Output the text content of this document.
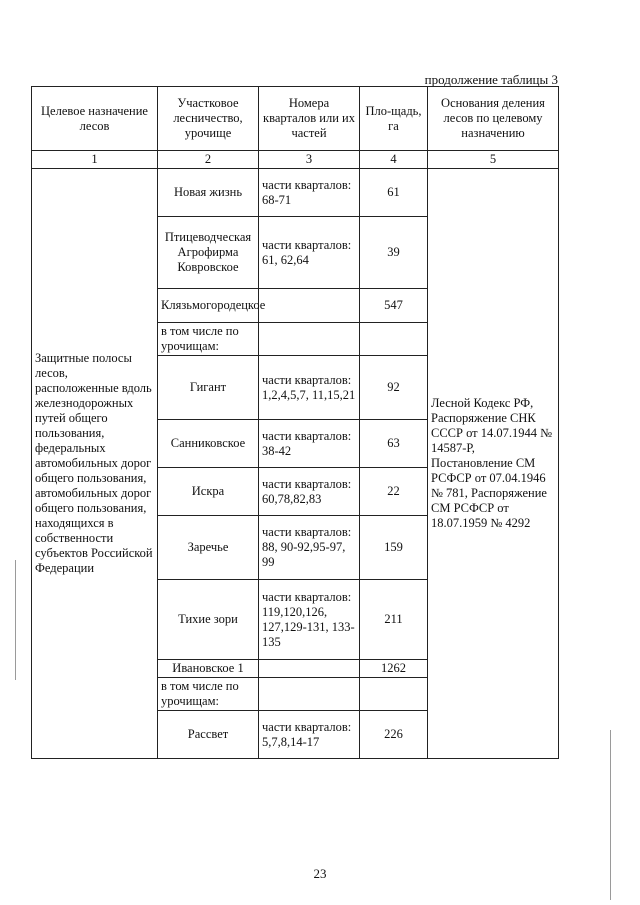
продолжение таблицы 3
Целевое назначение лесов	Участковое лесничество, урочище	Номера кварталов или их частей	Пло-щадь, га	Основания деления лесов по целевому назначению
1	2	3	4	5
Защитные полосы лесов, расположенные вдоль железнодорожных путей общего пользования, федеральных автомобильных дорог общего пользования, автомобильных дорог общего пользования, находящихся в собственности субъектов Российской Федерации	Новая жизнь	части кварталов: 68-71	61	Лесной Кодекс РФ, Распоряжение СНК СССР от 14.07.1944 № 14587-Р, Постановление СМ РСФСР от 07.04.1946 № 781, Распоряжение СМ РСФСР от 18.07.1959 № 4292
	Птицеводческая Агрофирма Ковровское	части кварталов: 61, 62,64	39	
	Клязьмогородецкое		547	
	в том числе по урочищам:			
	Гигант	части кварталов: 1,2,4,5,7, 11,15,21	92	
	Санниковское	части кварталов: 38-42	63	
	Искра	части кварталов: 60,78,82,83	22	
	Заречье	части кварталов: 88, 90-92,95-97, 99	159	
	Тихие зори	части кварталов: 119,120,126, 127,129-131, 133-135	211	
	Ивановское 1		1262	
	в том числе по урочищам:			
	Рассвет	части кварталов: 5,7,8,14-17	226	
23
